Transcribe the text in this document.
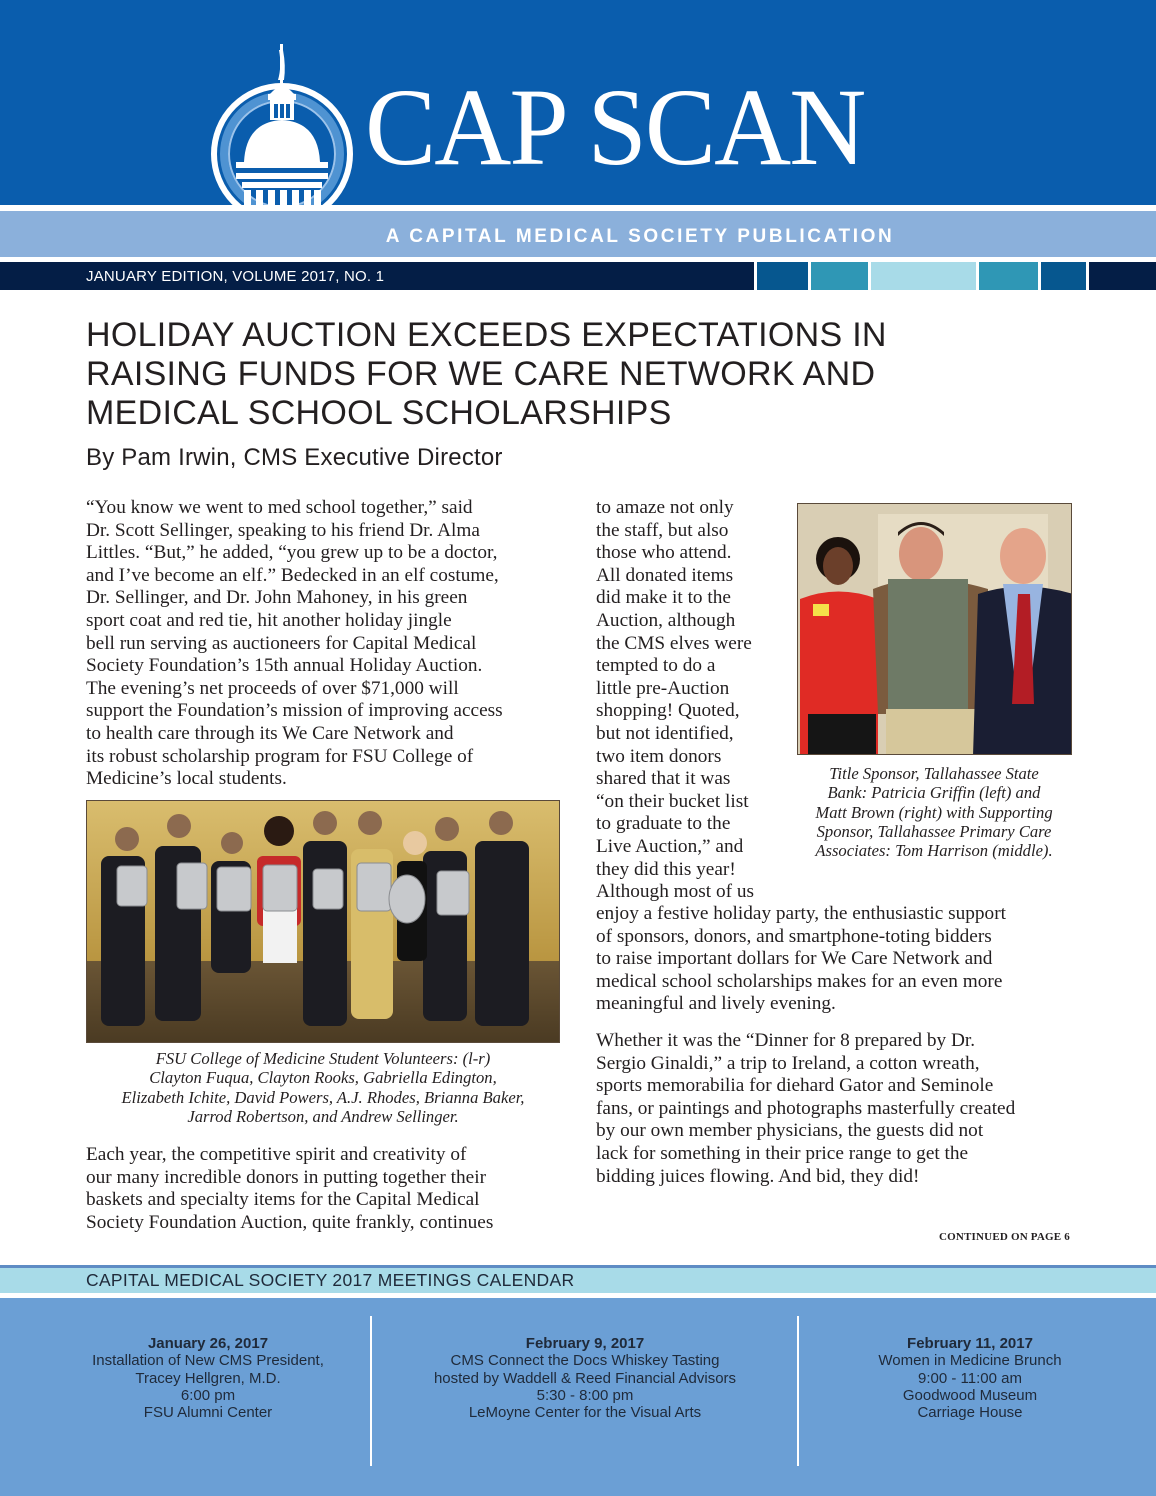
CAP SCAN
A CAPITAL MEDICAL SOCIETY PUBLICATION
JANUARY EDITION, VOLUME 2017, NO. 1
HOLIDAY AUCTION EXCEEDS EXPECTATIONS IN
RAISING FUNDS FOR WE CARE NETWORK AND
MEDICAL SCHOOL SCHOLARSHIPS
By Pam Irwin, CMS Executive Director
“You know we went to med school together,” said
Dr. Scott Sellinger, speaking to his friend Dr. Alma
Littles. “But,” he added, “you grew up to be a doctor,
and I’ve become an elf.” Bedecked in an elf costume,
Dr. Sellinger, and Dr. John Mahoney, in his green
sport coat and red tie, hit another holiday jingle
bell run serving as auctioneers for Capital Medical
Society Foundation’s 15th annual Holiday Auction.
The evening’s net proceeds of over $71,000 will
support the Foundation’s mission of improving access
to health care through its We Care Network and
its robust scholarship program for FSU College of
Medicine’s local students.
FSU College of Medicine Student Volunteers: (l-r)
Clayton Fuqua, Clayton Rooks, Gabriella Edington,
Elizabeth Ichite, David Powers, A.J. Rhodes, Brianna Baker,
Jarrod Robertson, and Andrew Sellinger.
Each year, the competitive spirit and creativity of
our many incredible donors in putting together their
baskets and specialty items for the Capital Medical
Society Foundation Auction, quite frankly, continues
to amaze not only
the staff, but also
those who attend.
All donated items
did make it to the
Auction, although
the CMS elves were
tempted to do a
little pre-Auction
shopping! Quoted,
but not identified,
two item donors
shared that it was
“on their bucket list
to graduate to the
Live Auction,” and
they did this year!
Although most of us
Title Sponsor, Tallahassee State
Bank: Patricia Griffin (left) and
Matt Brown (right) with Supporting
Sponsor, Tallahassee Primary Care
Associates: Tom Harrison (middle).
enjoy a festive holiday party, the enthusiastic support
of sponsors, donors, and smartphone-toting bidders
to raise important dollars for We Care Network and
medical school scholarships makes for an even more
meaningful and lively evening.
Whether it was the “Dinner for 8 prepared by Dr.
Sergio Ginaldi,” a trip to Ireland, a cotton wreath,
sports memorabilia for diehard Gator and Seminole
fans, or paintings and photographs masterfully created
by our own member physicians, the guests did not
lack for something in their price range to get the
bidding juices flowing. And bid, they did!
CONTINUED ON PAGE 6
CAPITAL MEDICAL SOCIETY 2017 MEETINGS CALENDAR
January 26, 2017
Installation of New CMS President,
Tracey Hellgren, M.D.
6:00 pm
FSU Alumni Center
February 9, 2017
CMS Connect the Docs Whiskey Tasting
hosted by Waddell & Reed Financial Advisors
5:30 - 8:00 pm
LeMoyne Center for the Visual Arts
February 11, 2017
Women in Medicine Brunch
9:00 - 11:00 am
Goodwood Museum
Carriage House
